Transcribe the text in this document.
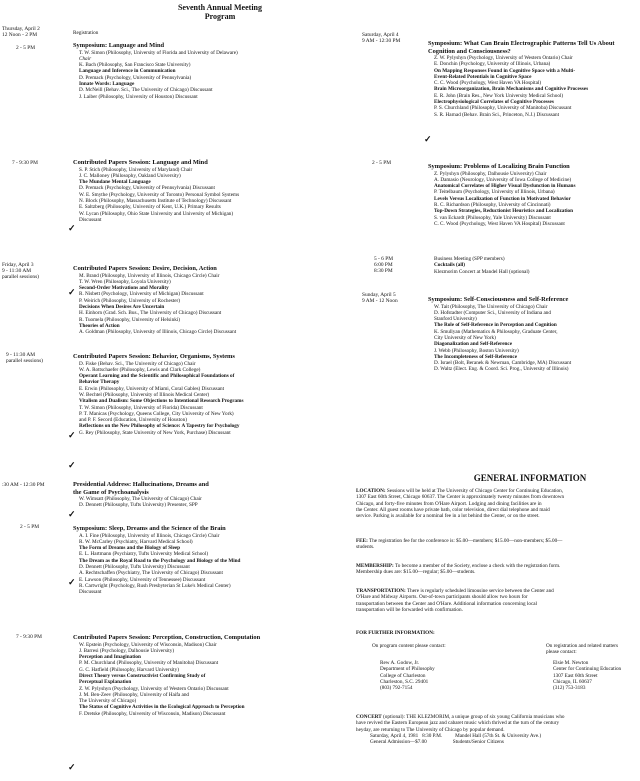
Seventh Annual Meeting
Program
Thursday, April 2
12 Noon - 2 PM
2 - 5 PM
7 - 9:30 PM
Friday, April 3
9 - 11:30 AM
parallel sessions)
9 - 11:30 AM
parallel sessions)
:30 AM - 12:30 PM
2 - 5 PM
7 - 9:30 PM
Registration
Symposium: Language and Mind
T. W. Simon (Philosophy, University of Florida and University of Delaware)
Chair
K. Bach (Philosophy, San Francisco State University)
Language and Inference in Communication
D. Premack (Psychology, University of Pennsylvania)
Innate Words: Language
D. McNeill (Behav. Sci., The University of Chicago) Discussant
J. Laiber (Philosophy, University of Houston) Discussant
Contributed Papers Session: Language and Mind
S. P. Stich (Philosophy, University of Maryland) Chair
J. C. Malloney (Philosophy, Oakland University)
The Mundane Mental Language
D. Premack (Psychology, University of Pennsylvania) Discussant
W. E. Smythe (Psychology, University of Toronto) Personal Symbol Systems
N. Block (Philosophy, Massachusetts Institute of Technology) Discussant
E. Saltzberg (Philosophy, University of Kent, U.K.) Primary Results
W. Lycan (Philosophy, Ohio State University and University of Michigan)
Discussant
✓
Contributed Papers Session: Desire, Decision, Action
M. Brand (Philosophy, University of Illinois, Chicago Circle) Chair
T. W. Wren (Philosophy, Loyola University)
Second-Order Motivations and Morality
R. Nisbett (Psychology, University of Michigan) Discussant
P. Weirich (Philosophy, University of Rochester)
Decisions When Desires Are Uncertain
H. Einhorn (Grad. Sch. Bus., The University of Chicago) Discussant
R. Tuomela (Philosophy, University of Helsinki)
Theories of Action
A. Goldman (Philosophy, University of Illinois, Chicago Circle) Discussant
✓
Contributed Papers Session: Behavior, Organisms, Systems
D. Fiske (Behav. Sci., The University of Chicago) Chair
W. A. Rottschaefer (Philosophy, Lewis and Clark College)
Operant Learning and the Scientific and Philosophical Foundations of
Behavior Therapy
E. Erwin (Philosophy, University of Miami, Coral Gables) Discussant
W. Bechtel (Philosophy, University of Illinois Medical Center)
Vitalism and Dualism: Some Objections to Intentional Research Programs
T. W. Simon (Philosophy, University of Florida) Discussant
P. T. Manicas (Psychology, Queens College, City University of New York)
and P. F. Secord (Education, University of Houston)
Reflections on the New Philosophy of Science: A Tapestry for Psychology
G. Rey (Philosophy, State University of New York, Purchase) Discussant
✓
✓
Presidential Address: Hallucinations, Dreams and
the Game of Psychoanalysis
W. Wimsatt (Philosophy, The University of Chicago) Chair
D. Dennett (Philosophy, Tufts University) Presenter, SPP
✓
Symposium: Sleep, Dreams and the Science of the Brain
A. I. Fine (Philosophy, University of Illinois, Chicago Circle) Chair
R. W. McCarley (Psychiatry, Harvard Medical School)
The Form of Dreams and the Biology of Sleep
E. L. Hartmann (Psychiatry, Tufts University Medical School)
The Dream as the Royal Road to the Psychology and Biology of the Mind
D. Dennett (Philosophy, Tufts University) Discussant
A. Rechtschaffen (Psychiatry, The University of Chicago) Discussant
E. Lawson (Philosophy, University of Tennessee) Discussant
R. Cartwright (Psychology, Rush Presbyterian St Luke's Medical Center)
Discussant
✓
Contributed Papers Session: Perception, Construction, Computation
W. Epstein (Psychology, University of Wisconsin, Madison) Chair
J. Barresi (Psychology, Dalhousie University)
Perception and Imagination
P. M. Churchland (Philosophy, University of Manitoba) Discussant
G. C. Hatfield (Philosophy, Harvard University)
Direct Theory versus Constructivist Confirming Study of
Perceptual Explanation
Z. W. Pylyshyn (Psychology, University of Western Ontario) Discussant
J. M. Ben-Zeev (Philosophy, University of Haifa and
The University of Chicago)
The Status of Cognitive Activities in the Ecological Approach to Perception
F. Dretske (Philosophy, University of Wisconsin, Madison) Discussant
✓
Saturday, April 4
9 AM - 12:30 PM
2 - 5 PM
5 - 6 PM
6:00 PM
8:30 PM
Sunday, April 5
9 AM - 12 Noon
Symposium: What Can Brain Electrographic Patterns Tell Us About
Cognition and Consciousness?
Z. W. Pylyshyn (Psychology, University of Western Ontario) Chair
E. Donchin (Psychology, University of Illinois, Urbana)
On Mapping Responses Found in Cognitive Space with a Multi-
Event-Related Potentials in Cognitive Space
C. C. Wood (Psychology, West Haven VA Hospital)
Brain Microorganization, Brain Mechanisms and Cognitive Processes
E. R. John (Brain Res., New York University Medical School)
Electrophysiological Correlates of Cognitive Processes
P. S. Churchland (Philosophy, University of Manitoba) Discussant
S. R. Harnad (Behav. Brain Sci., Princeton, N.J.) Discussant
✓
Symposium: Problems of Localizing Brain Function
Z. Pylyshyn (Philosophy, Dalhousie University) Chair
A. Damasio (Neurology, University of Iowa College of Medicine)
Anatomical Correlates of Higher Visual Dysfunction in Humans
P. Teitelbaum (Psychology, University of Illinois, Urbana)
Levels Versus Localization of Function in Motivated Behavior
R. C. Richardson (Philosophy, University of Cincinnati)
Top-Down Strategies, Reductionist Heuristics and Localization
S. van Eckardt (Philosophy, Yale University) Discussant
C. C. Wood (Psychology, West Haven VA Hospital) Discussant
Business Meeting (SPP members)
Cocktails (all)
Klezmorim Concert at Mandel Hall (optional)
Symposium: Self-Consciousness and Self-Reference
W. Tait (Philosophy, The University of Chicago) Chair
D. Hofstadter (Computer Sci., University of Indiana and
Stanford University)
The Role of Self-Reference in Perception and Cognition
K. Smullyan (Mathematics & Philosophy, Graduate Center,
City University of New York)
Diagonalization and Self-Reference
J. Webb (Philosophy, Boston University)
The Incompleteness of Self-Reference
D. Israel (Bolt, Beranek & Newman, Cambridge, MA) Discussant
D. Waltz (Elect. Eng. & Coord. Sci. Prog., University of Illinois)
GENERAL INFORMATION
LOCATION: Sessions will be held at The University of Chicago Center for Continuing Education,
1307 East 60th Street, Chicago 60637. The Center is approximately twenty minutes from downtown
Chicago, and forty-five minutes from O'Hare Airport. Lodging and dining facilities are in
the Center. All guest rooms have private bath, color television, direct dial telephone and maid
service. Parking is available for a nominal fee in a lot behind the Center, or on the street.
FEE: The registration fee for the conference is: $5.00—members; $15.00—non-members; $5.00—
students.
MEMBERSHIP: To become a member of the Society, enclose a check with the registration form.
Membership dues are: $15.00—regular; $5.00—students.
TRANSPORTATION: There is regularly scheduled limousine service between the Center and
O'Hare and Midway Airports. Out-of-town participants should allow two hours for
transportation between the Center and O'Hare. Additional information concerning local
transportation will be forwarded with confirmation.
FOR FURTHER INFORMATION:
On program content please contact:
Rew A. Godow, Jr.
Department of Philosophy
College of Charleston
Charleston, S.C. 29401
(803) 792-7154
On registration and related matters
please contact:
Elsie M. Newton
Center for Continuing Education
1307 East 60th Street
Chicago, IL 60637
(312) 753-3183
CONCERT (optional): THE KLEZMORIM, a unique group of six young California musicians who
have revived the Eastern European jazz and cabaret music which thrived at the turn of the century
heyday, are returning to The University of Chicago by popular demand.
Saturday, April 4, 1981   8:30 P.M.          Mandel Hall (57th St. & University Ave.)
General Admission—$7.00                    Students/Senior Citizens
